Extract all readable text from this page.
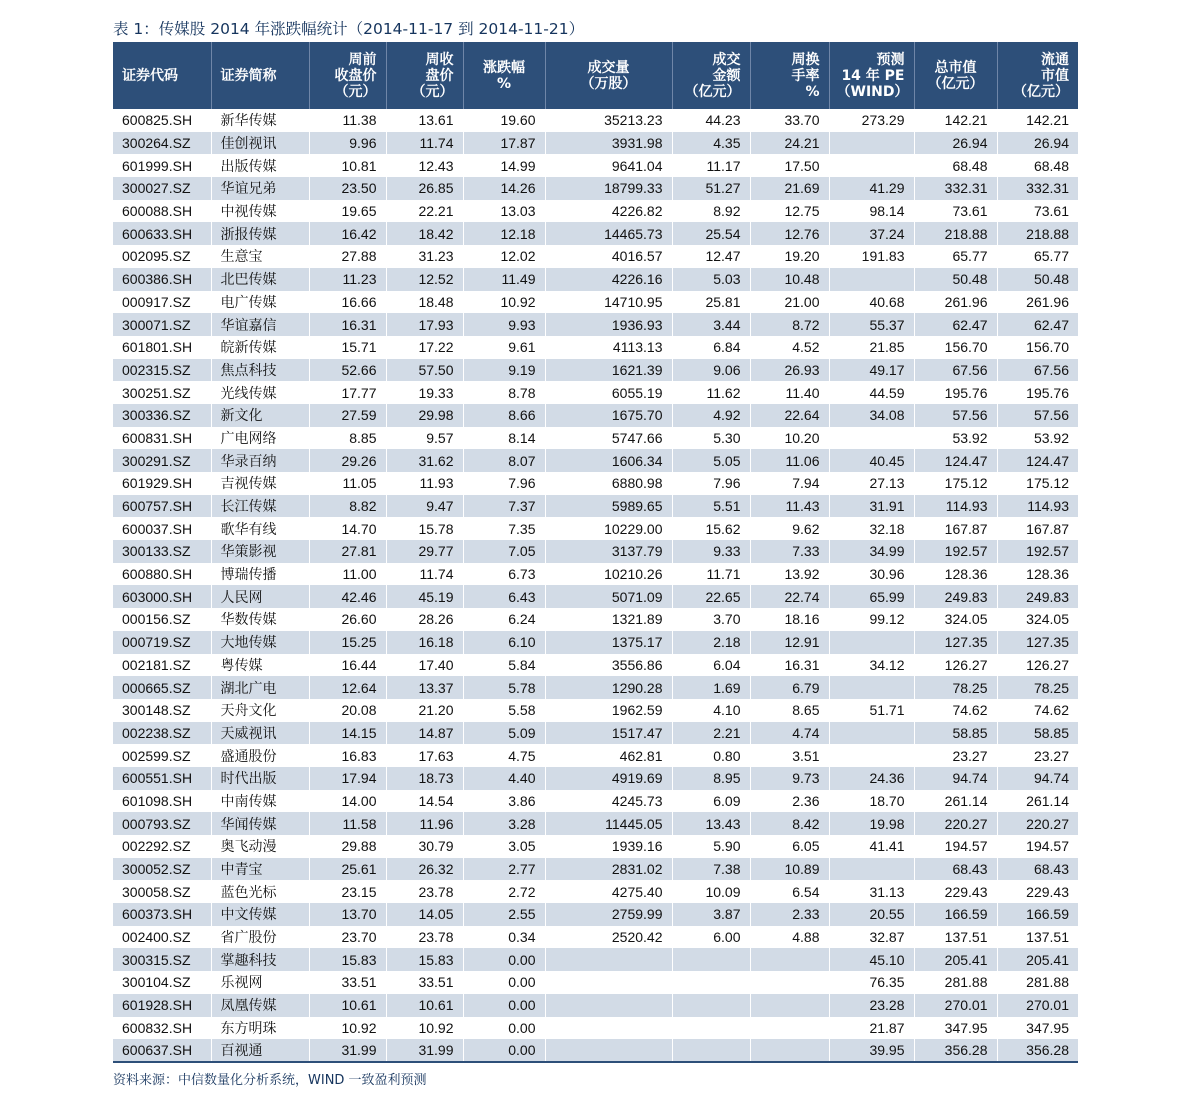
表 1：传媒股 2014 年涨跌幅统计（2014-11-17 到 2014-11-21）
证券代码	证券简称	周前
收盘价
（元）	周收
盘价
（元）	涨跌幅
%	成交量
（万股）	成交
金额
（亿元）	周换
手率
%	预测
14 年 PE
（WIND）	总市值
（亿元）	流通
市值
（亿元）

600825.SH	新华传媒	11.38	13.61	19.60	35213.23	44.23	33.70	273.29	142.21	142.21
300264.SZ	佳创视讯	9.96	11.74	17.87	3931.98	4.35	24.21		26.94	26.94
601999.SH	出版传媒	10.81	12.43	14.99	9641.04	11.17	17.50		68.48	68.48
300027.SZ	华谊兄弟	23.50	26.85	14.26	18799.33	51.27	21.69	41.29	332.31	332.31
600088.SH	中视传媒	19.65	22.21	13.03	4226.82	8.92	12.75	98.14	73.61	73.61
600633.SH	浙报传媒	16.42	18.42	12.18	14465.73	25.54	12.76	37.24	218.88	218.88
002095.SZ	生意宝	27.88	31.23	12.02	4016.57	12.47	19.20	191.83	65.77	65.77
600386.SH	北巴传媒	11.23	12.52	11.49	4226.16	5.03	10.48		50.48	50.48
000917.SZ	电广传媒	16.66	18.48	10.92	14710.95	25.81	21.00	40.68	261.96	261.96
300071.SZ	华谊嘉信	16.31	17.93	9.93	1936.93	3.44	8.72	55.37	62.47	62.47
601801.SH	皖新传媒	15.71	17.22	9.61	4113.13	6.84	4.52	21.85	156.70	156.70
002315.SZ	焦点科技	52.66	57.50	9.19	1621.39	9.06	26.93	49.17	67.56	67.56
300251.SZ	光线传媒	17.77	19.33	8.78	6055.19	11.62	11.40	44.59	195.76	195.76
300336.SZ	新文化	27.59	29.98	8.66	1675.70	4.92	22.64	34.08	57.56	57.56
600831.SH	广电网络	8.85	9.57	8.14	5747.66	5.30	10.20		53.92	53.92
300291.SZ	华录百纳	29.26	31.62	8.07	1606.34	5.05	11.06	40.45	124.47	124.47
601929.SH	吉视传媒	11.05	11.93	7.96	6880.98	7.96	7.94	27.13	175.12	175.12
600757.SH	长江传媒	8.82	9.47	7.37	5989.65	5.51	11.43	31.91	114.93	114.93
600037.SH	歌华有线	14.70	15.78	7.35	10229.00	15.62	9.62	32.18	167.87	167.87
300133.SZ	华策影视	27.81	29.77	7.05	3137.79	9.33	7.33	34.99	192.57	192.57
600880.SH	博瑞传播	11.00	11.74	6.73	10210.26	11.71	13.92	30.96	128.36	128.36
603000.SH	人民网	42.46	45.19	6.43	5071.09	22.65	22.74	65.99	249.83	249.83
000156.SZ	华数传媒	26.60	28.26	6.24	1321.89	3.70	18.16	99.12	324.05	324.05
000719.SZ	大地传媒	15.25	16.18	6.10	1375.17	2.18	12.91		127.35	127.35
002181.SZ	粤传媒	16.44	17.40	5.84	3556.86	6.04	16.31	34.12	126.27	126.27
000665.SZ	湖北广电	12.64	13.37	5.78	1290.28	1.69	6.79		78.25	78.25
300148.SZ	天舟文化	20.08	21.20	5.58	1962.59	4.10	8.65	51.71	74.62	74.62
002238.SZ	天威视讯	14.15	14.87	5.09	1517.47	2.21	4.74		58.85	58.85
002599.SZ	盛通股份	16.83	17.63	4.75	462.81	0.80	3.51		23.27	23.27
600551.SH	时代出版	17.94	18.73	4.40	4919.69	8.95	9.73	24.36	94.74	94.74
601098.SH	中南传媒	14.00	14.54	3.86	4245.73	6.09	2.36	18.70	261.14	261.14
000793.SZ	华闻传媒	11.58	11.96	3.28	11445.05	13.43	8.42	19.98	220.27	220.27
002292.SZ	奥飞动漫	29.88	30.79	3.05	1939.16	5.90	6.05	41.41	194.57	194.57
300052.SZ	中青宝	25.61	26.32	2.77	2831.02	7.38	10.89		68.43	68.43
300058.SZ	蓝色光标	23.15	23.78	2.72	4275.40	10.09	6.54	31.13	229.43	229.43
600373.SH	中文传媒	13.70	14.05	2.55	2759.99	3.87	2.33	20.55	166.59	166.59
002400.SZ	省广股份	23.70	23.78	0.34	2520.42	6.00	4.88	32.87	137.51	137.51
300315.SZ	掌趣科技	15.83	15.83	0.00				45.10	205.41	205.41
300104.SZ	乐视网	33.51	33.51	0.00				76.35	281.88	281.88
601928.SH	凤凰传媒	10.61	10.61	0.00				23.28	270.01	270.01
600832.SH	东方明珠	10.92	10.92	0.00				21.87	347.95	347.95
600637.SH	百视通	31.99	31.99	0.00				39.95	356.28	356.28
资料来源：中信数量化分析系统，WIND 一致盈利预测
